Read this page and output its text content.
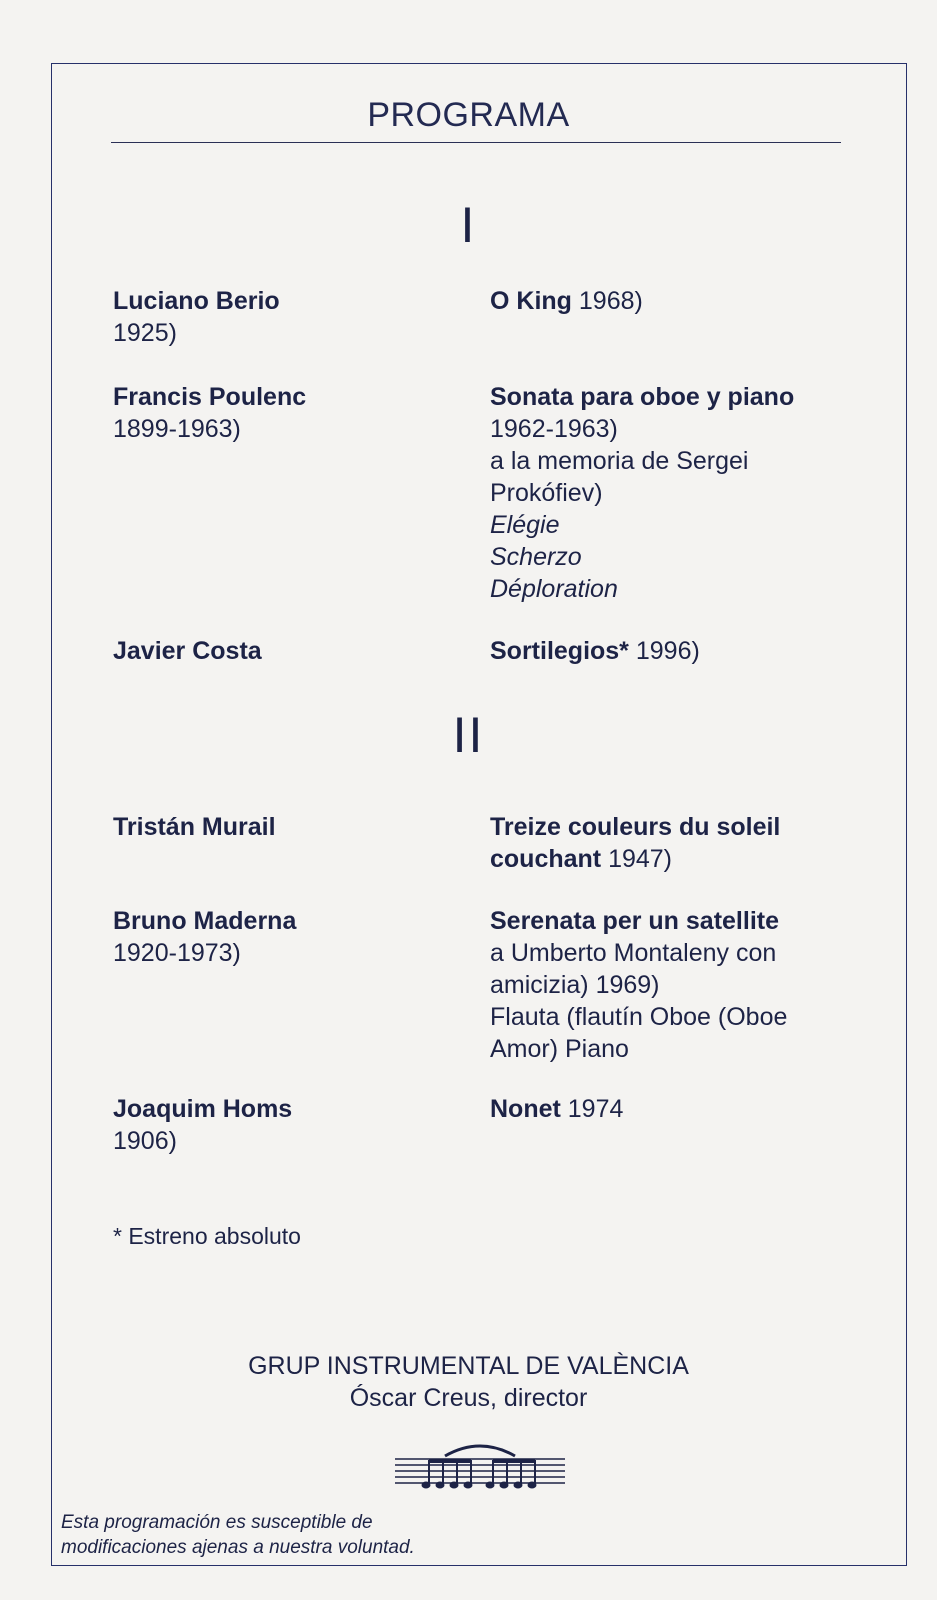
PROGRAMA
I
Luciano Berio
1925)
O King 1968)
Francis Poulenc
1899-1963)
Sonata para oboe y piano
1962-1963)
a la memoria de Sergei
Prokófiev)
Elégie
Scherzo
Déploration
Javier Costa	Sortilegios* 1996)
II
Tristán Murail	Treize couleurs du soleil
couchant 1947)
Bruno Maderna
1920-1973)
Serenata per un satellite
a Umberto Montaleny con
amicizia) 1969)
Flauta (flautín Oboe (Oboe
Amor) Piano
Joaquim Homs
1906)
Nonet 1974
* Estreno absoluto
GRUP INSTRUMENTAL DE VALÈNCIA
Óscar Creus, director
Esta programación es susceptible de
modificaciones ajenas a nuestra voluntad.
